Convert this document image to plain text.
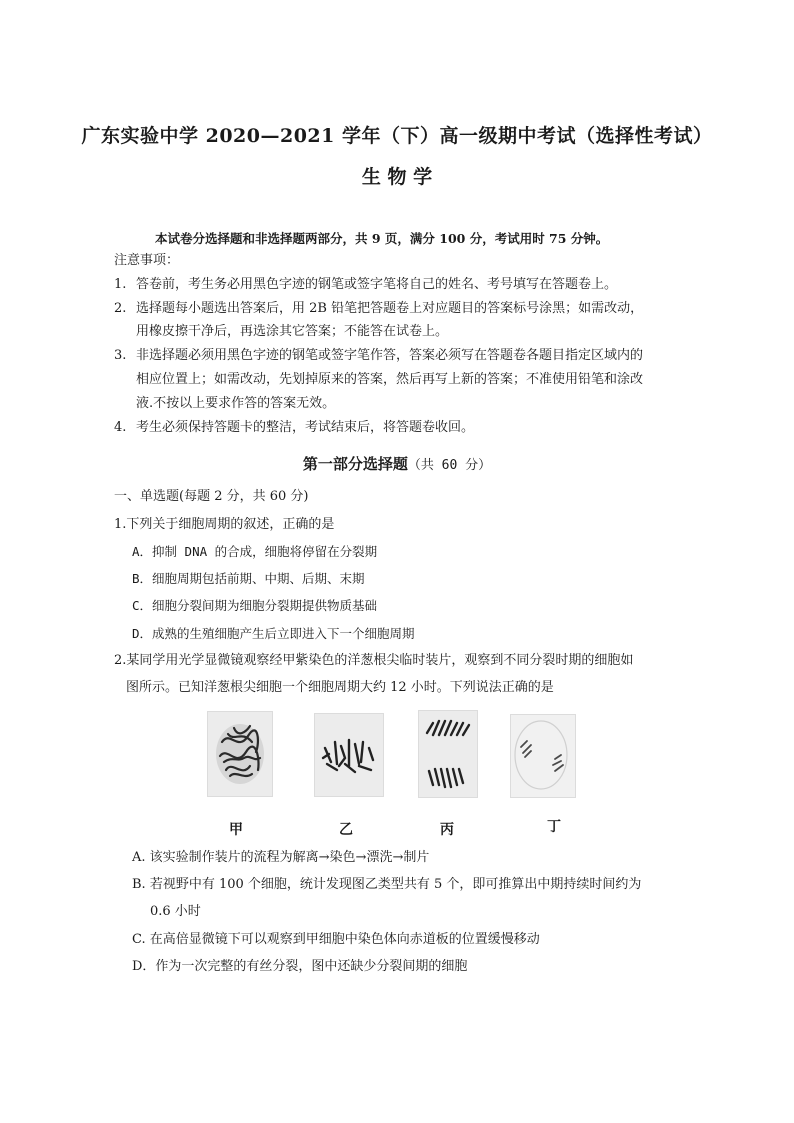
广东实验中学 2020—2021 学年（下）高一级期中考试（选择性考试）
生 物 学
本试卷分选择题和非选择题两部分，共 9 页，满分 100 分，考试用时 75 分钟。
注意事项：
1. 答卷前，考生务必用黑色字迹的钢笔或签字笔将自己的姓名、考号填写在答题卷上。
2. 选择题每小题选出答案后，用 2B 铅笔把答题卷上对应题目的答案标号涂黑；如需改动，
用橡皮擦干净后，再选涂其它答案；不能答在试卷上。
3. 非选择题必须用黑色字迹的钢笔或签字笔作答，答案必须写在答题卷各题目指定区域内的
相应位置上；如需改动，先划掉原来的答案，然后再写上新的答案；不准使用铅笔和涂改
液.不按以上要求作答的答案无效。
4. 考生必须保持答题卡的整洁，考试结束后，将答题卷收回。
第一部分选择题（共 60 分）
一、单选题(每题 2 分，共 60 分)
1.下列关于细胞周期的叙述，正确的是
A．抑制 DNA 的合成，细胞将停留在分裂期
B．细胞周期包括前期、中期、后期、末期
C．细胞分裂间期为细胞分裂期提供物质基础
D．成熟的生殖细胞产生后立即进入下一个细胞周期
2.某同学用光学显微镜观察经甲紫染色的洋葱根尖临时装片，观察到不同分裂时期的细胞如
图所示。已知洋葱根尖细胞一个细胞周期大约 12 小时。下列说法正确的是
甲	乙	丙	丁
A. 该实验制作装片的流程为解离→染色→漂洗→制片
B. 若视野中有 100 个细胞，统计发现图乙类型共有 5 个，即可推算出中期持续时间约为
0.6 小时
C. 在高倍显微镜下可以观察到甲细胞中染色体向赤道板的位置缓慢移动
D．作为一次完整的有丝分裂，图中还缺少分裂间期的细胞
